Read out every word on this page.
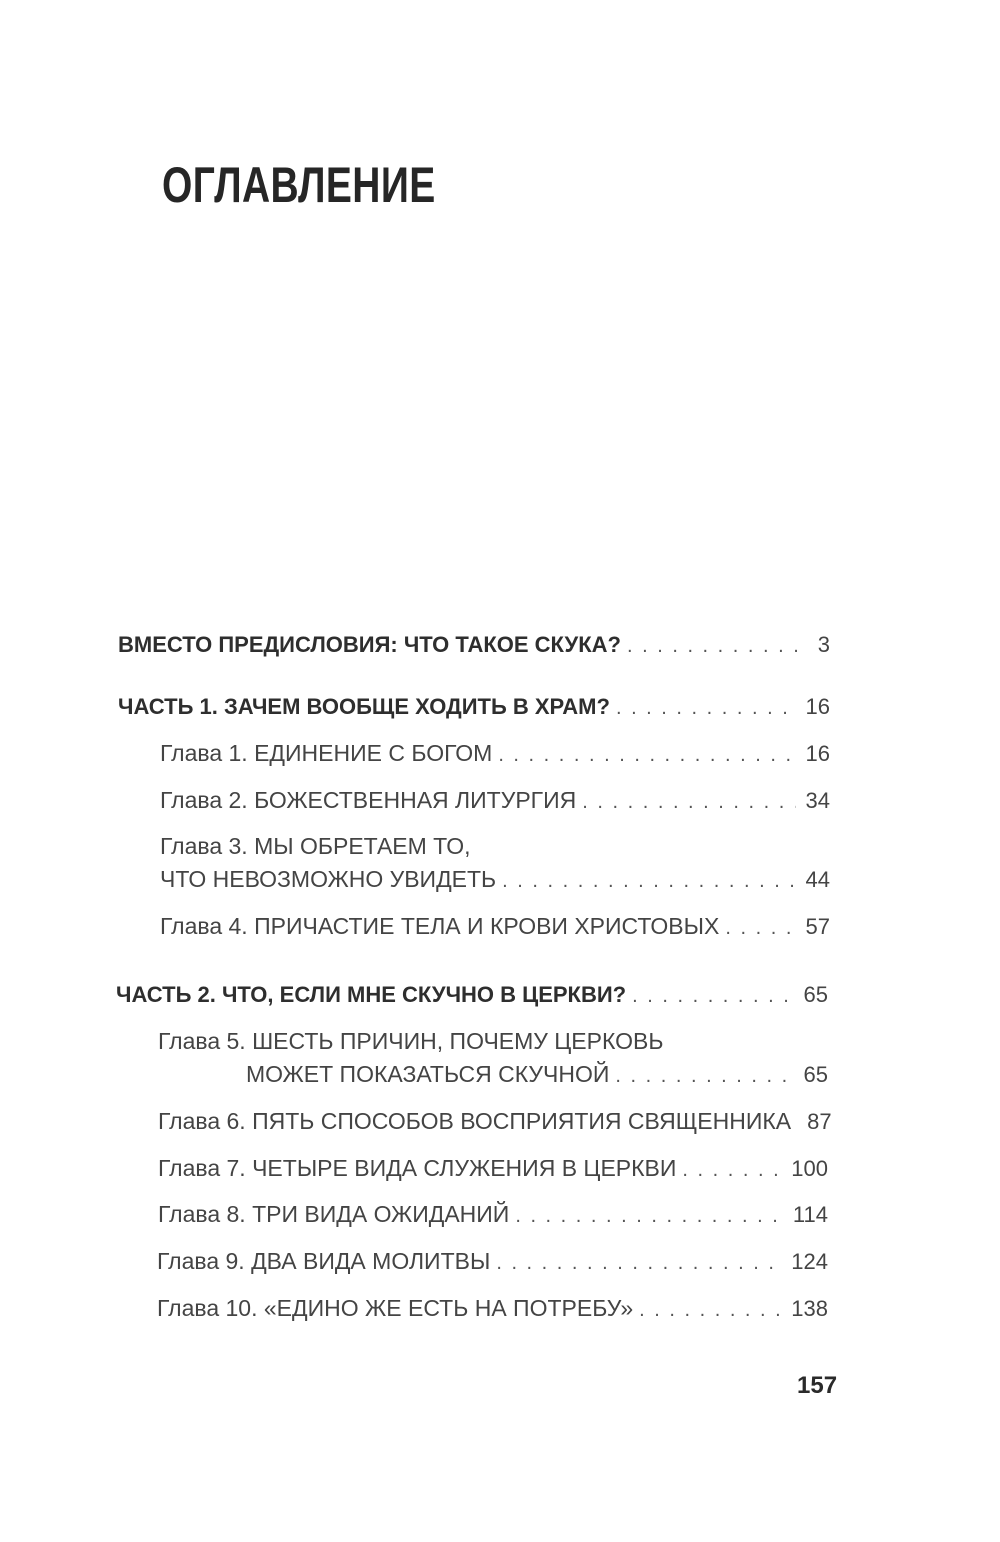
ОГЛАВЛЕНИЕ
ВМЕСТО ПРЕДИСЛОВИЯ: ЧТО ТАКОЕ СКУКА? . . .	3
ЧАСТЬ 1. ЗАЧЕМ ВООБЩЕ ХОДИТЬ В ХРАМ? . . .	16
Глава 1.
ЕДИНЕНИЕ С БОГОМ . . .	16
Глава 2.
БОЖЕСТВЕННАЯ ЛИТУРГИЯ . . .	34
Глава 3.
МЫ ОБРЕТАЕМ ТО,
ЧТО НЕВОЗМОЖНО УВИДЕТЬ . . .	44
Глава 4.
ПРИЧАСТИЕ ТЕЛА И КРОВИ ХРИСТОВЫХ . . .	57
ЧАСТЬ 2. ЧТО, ЕСЛИ МНЕ СКУЧНО В ЦЕРКВИ? . . .	65
Глава 5.
ШЕСТЬ ПРИЧИН, ПОЧЕМУ ЦЕРКОВЬ
МОЖЕТ ПОКАЗАТЬСЯ СКУЧНОЙ . . .	65
Глава 6.
ПЯТЬ СПОСОБОВ ВОСПРИЯТИЯ СВЯЩЕННИКА . . . 87
Глава 7.
ЧЕТЫРЕ ВИДА СЛУЖЕНИЯ В ЦЕРКВИ . . .	100
Глава 8.
ТРИ ВИДА ОЖИДАНИЙ . . .	114
Глава 9.
ДВА ВИДА МОЛИТВЫ . . .	124
Глава 10.
«ЕДИНО ЖЕ ЕСТЬ НА ПОТРЕБУ» . . .	138
157
